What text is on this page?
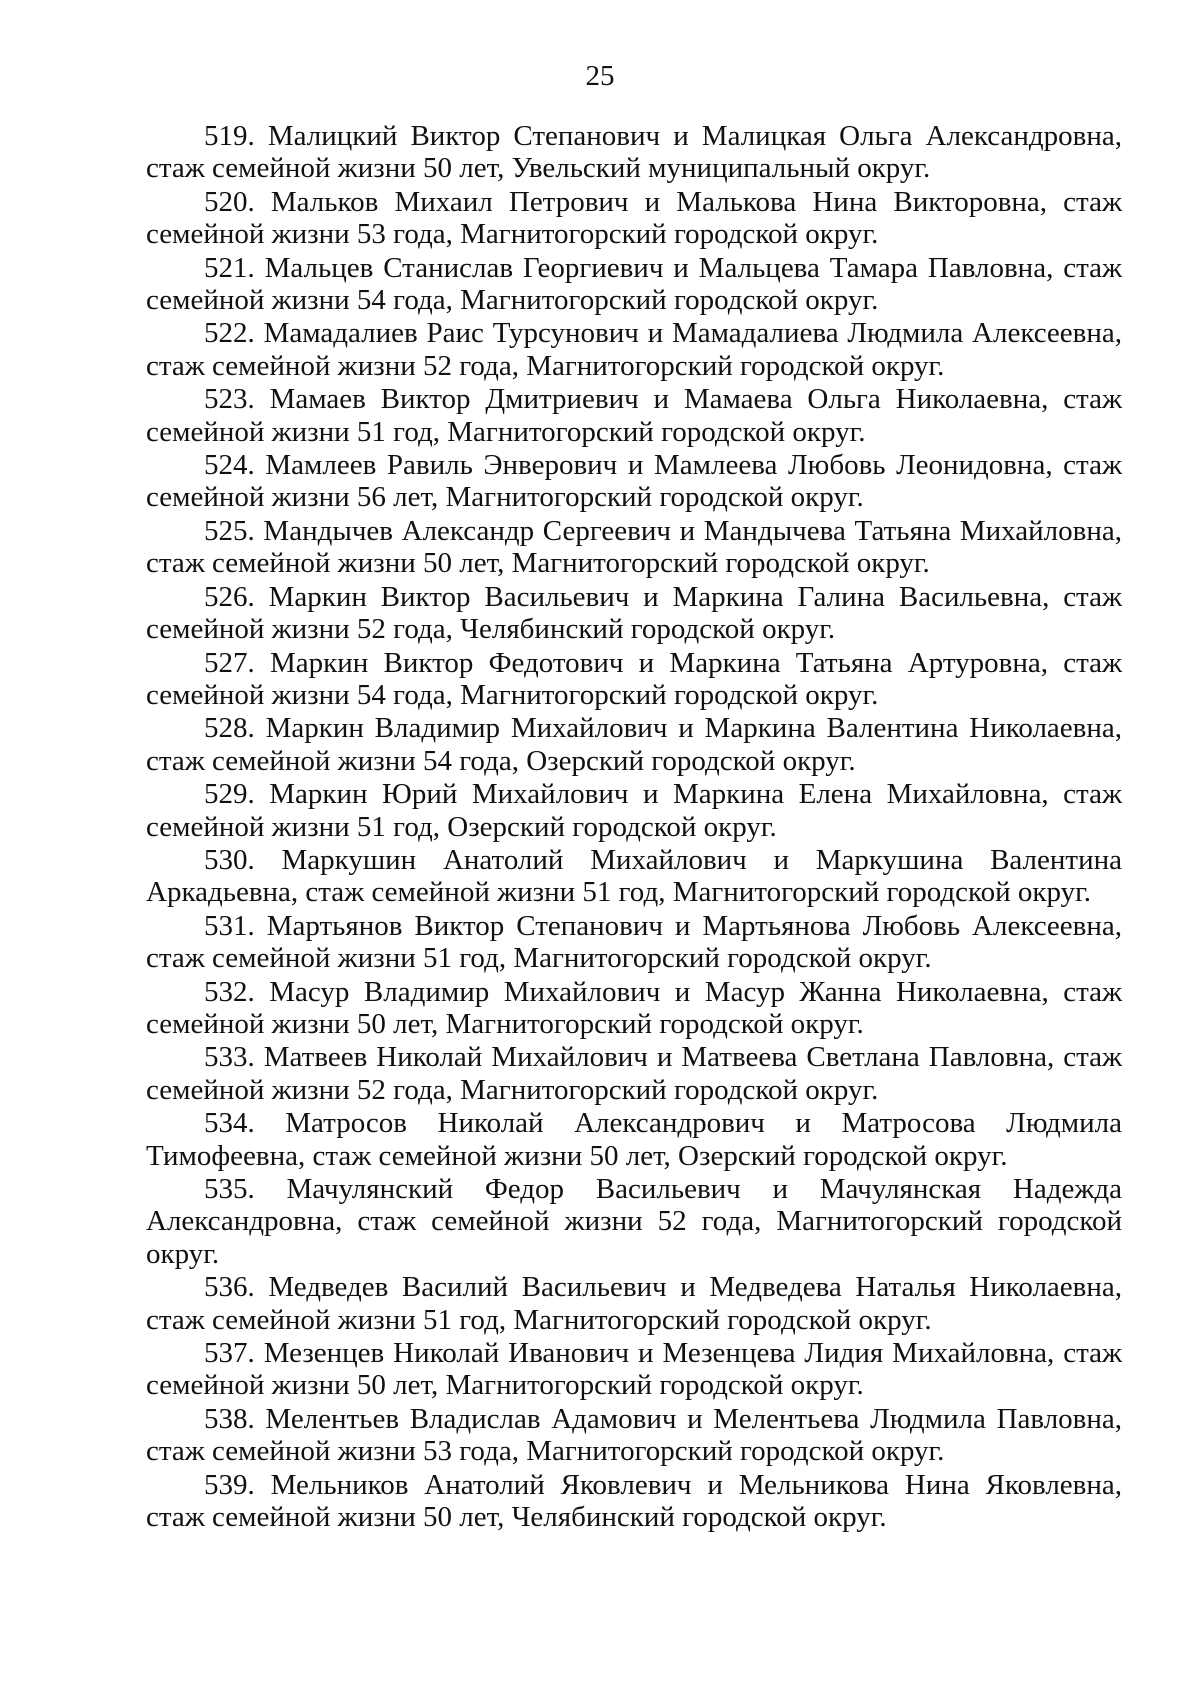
25

519. Малицкий Виктор Степанович и Малицкая Ольга Александровна, стаж семейной жизни 50 лет, Увельский муниципальный округ.

520. Мальков Михаил Петрович и Малькова Нина Викторовна, стаж семейной жизни 53 года, Магнитогорский городской округ.

521. Мальцев Станислав Георгиевич и Мальцева Тамара Павловна, стаж семейной жизни 54 года, Магнитогорский городской округ.

522. Мамадалиев Раис Турсунович и Мамадалиева Людмила Алексеевна, стаж семейной жизни 52 года, Магнитогорский городской округ.

523. Мамаев Виктор Дмитриевич и Мамаева Ольга Николаевна, стаж семейной жизни 51 год, Магнитогорский городской округ.

524. Мамлеев Равиль Энверович и Мамлеева Любовь Леонидовна, стаж семейной жизни 56 лет, Магнитогорский городской округ.

525. Мандычев Александр Сергеевич и Мандычева Татьяна Михайловна, стаж семейной жизни 50 лет, Магнитогорский городской округ.

526. Маркин Виктор Васильевич и Маркина Галина Васильевна, стаж семейной жизни 52 года, Челябинский городской округ.

527. Маркин Виктор Федотович и Маркина Татьяна Артуровна, стаж семейной жизни 54 года, Магнитогорский городской округ.

528. Маркин Владимир Михайлович и Маркина Валентина Николаевна, стаж семейной жизни 54 года, Озерский городской округ.

529. Маркин Юрий Михайлович и Маркина Елена Михайловна, стаж семейной жизни 51 год, Озерский городской округ.

530. Маркушин Анатолий Михайлович и Маркушина Валентина Аркадьевна, стаж семейной жизни 51 год, Магнитогорский городской округ.

531. Мартьянов Виктор Степанович и Мартьянова Любовь Алексеевна, стаж семейной жизни 51 год, Магнитогорский городской округ.

532. Масур Владимир Михайлович и Масур Жанна Николаевна, стаж семейной жизни 50 лет, Магнитогорский городской округ.

533. Матвеев Николай Михайлович и Матвеева Светлана Павловна, стаж семейной жизни 52 года, Магнитогорский городской округ.

534. Матросов Николай Александрович и Матросова Людмила Тимофеевна, стаж семейной жизни 50 лет, Озерский городской округ.

535. Мачулянский Федор Васильевич и Мачулянская Надежда Александровна, стаж семейной жизни 52 года, Магнитогорский городской округ.

536. Медведев Василий Васильевич и Медведева Наталья Николаевна, стаж семейной жизни 51 год, Магнитогорский городской округ.

537. Мезенцев Николай Иванович и Мезенцева Лидия Михайловна, стаж семейной жизни 50 лет, Магнитогорский городской округ.

538. Мелентьев Владислав Адамович и Мелентьева Людмила Павловна, стаж семейной жизни 53 года, Магнитогорский городской округ.

539. Мельников Анатолий Яковлевич и Мельникова Нина Яковлевна, стаж семейной жизни 50 лет, Челябинский городской округ.
